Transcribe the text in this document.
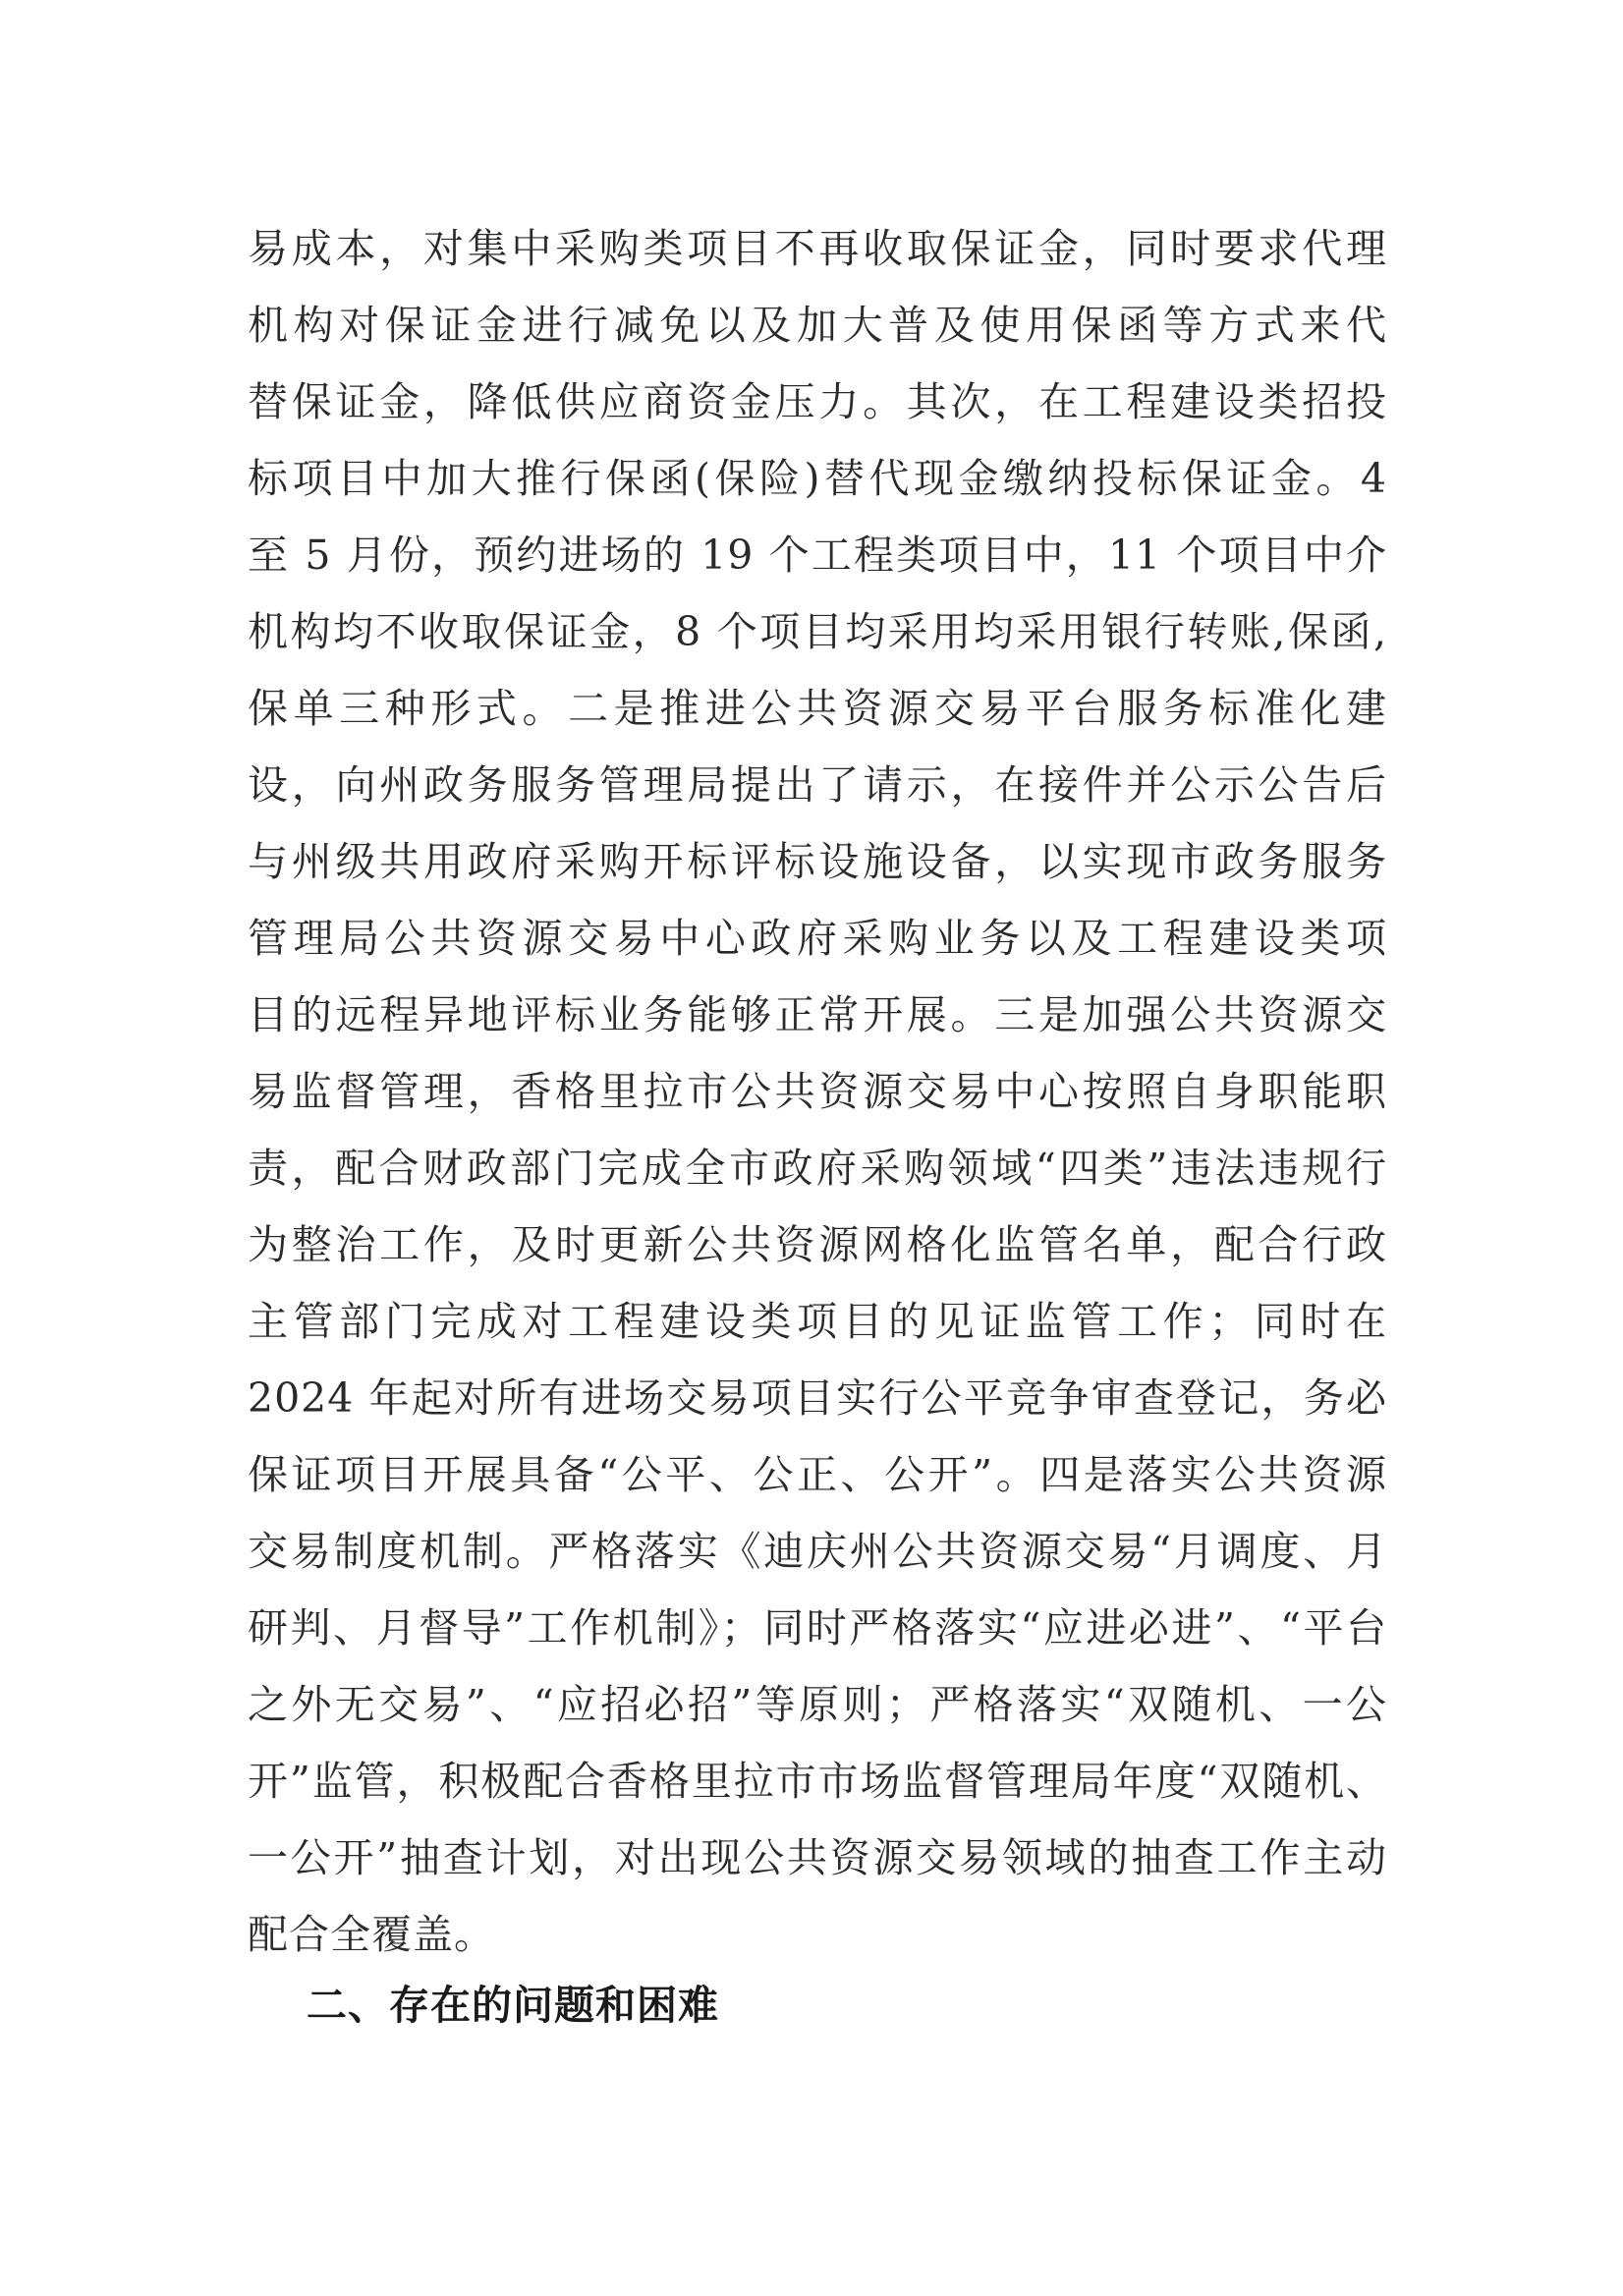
易成本，对集中采购类项目不再收取保证金，同时要求代理
机构对保证金进行减免以及加大普及使用保函等方式来代
替保证金，降低供应商资金压力。其次，在工程建设类招投
标项目中加大推行保函(保险)替代现金缴纳投标保证金。4
至 5 月份，预约进场的 19 个工程类项目中，11 个项目中介
机构均不收取保证金，8 个项目均采用均采用银行转账,保函,
保单三种形式。二是推进公共资源交易平台服务标准化建
设，向州政务服务管理局提出了请示，在接件并公示公告后
与州级共用政府采购开标评标设施设备，以实现市政务服务
管理局公共资源交易中心政府采购业务以及工程建设类项
目的远程异地评标业务能够正常开展。三是加强公共资源交
易监督管理，香格里拉市公共资源交易中心按照自身职能职
责，配合财政部门完成全市政府采购领域“四类”违法违规行
为整治工作，及时更新公共资源网格化监管名单，配合行政
主管部门完成对工程建设类项目的见证监管工作；同时在
2024 年起对所有进场交易项目实行公平竞争审查登记，务必
保证项目开展具备“公平、公正、公开”。四是落实公共资源
交易制度机制。严格落实《迪庆州公共资源交易“月调度、月
研判、月督导”工作机制》；同时严格落实“应进必进”、“平台
之外无交易”、“应招必招”等原则；严格落实“双随机、一公
开”监管，积极配合香格里拉市市场监督管理局年度“双随机、
一公开”抽查计划，对出现公共资源交易领域的抽查工作主动
配合全覆盖。
二、存在的问题和困难
